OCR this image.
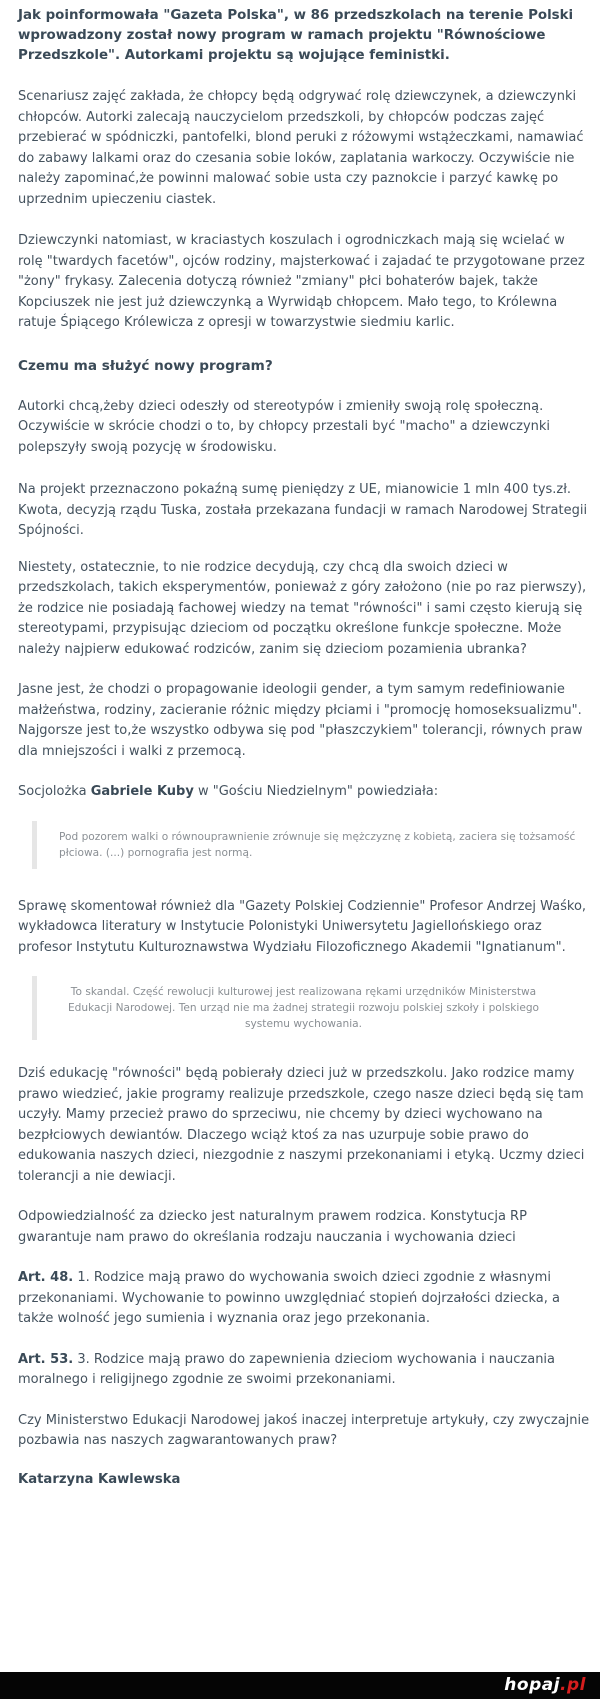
Jak poinformowała "Gazeta Polska", w 86 przedszkolach na terenie Polski wprowadzony został nowy program w ramach projektu "Równościowe Przedszkole". Autorkami projektu są wojujące feministki.

Scenariusz zajęć zakłada, że chłopcy będą odgrywać rolę dziewczynek, a dziewczynki chłopców. Autorki zalecają nauczycielom przedszkoli, by chłopców podczas zajęć przebierać w spódniczki, pantofelki, blond peruki z różowymi wstążeczkami, namawiać do zabawy lalkami oraz do czesania sobie loków, zaplatania warkoczy. Oczywiście nie należy zapominać,że powinni malować sobie usta czy paznokcie i parzyć kawkę po uprzednim upieczeniu ciastek.

Dziewczynki natomiast, w kraciastych koszulach i ogrodniczkach mają się wcielać w rolę "twardych facetów", ojców rodziny, majsterkować i zajadać te przygotowane przez "żony" frykasy. Zalecenia dotyczą również "zmiany" płci bohaterów bajek, także Kopciuszek nie jest już dziewczynką a Wyrwidąb chłopcem. Mało tego, to Królewna ratuje Śpiącego Królewicza z opresji w towarzystwie siedmiu karlic.

Czemu ma służyć nowy program?

Autorki chcą,żeby dzieci odeszły od stereotypów i zmieniły swoją rolę społeczną. Oczywiście w skrócie chodzi o to, by chłopcy przestali być "macho" a dziewczynki polepszyły swoją pozycję w środowisku.

Na projekt przeznaczono pokaźną sumę pieniędzy z UE, mianowicie 1 mln 400 tys.zł. Kwota, decyzją rządu Tuska, została przekazana fundacji w ramach Narodowej Strategii Spójności.

Niestety, ostatecznie, to nie rodzice decydują, czy chcą dla swoich dzieci w przedszkolach, takich eksperymentów, ponieważ z góry założono (nie po raz pierwszy), że rodzice nie posiadają fachowej wiedzy na temat "równości" i sami często kierują się stereotypami, przypisując dzieciom od początku określone funkcje społeczne. Może należy najpierw edukować rodziców, zanim się dzieciom pozamienia ubranka?

Jasne jest, że chodzi o propagowanie ideologii gender, a tym samym redefiniowanie małżeństwa, rodziny, zacieranie różnic między płciami i "promocję homoseksualizmu". Najgorsze jest to,że wszystko odbywa się pod "płaszczykiem" tolerancji, równych praw dla mniejszości i walki z przemocą.

Socjolożka Gabriele Kuby w "Gościu Niedzielnym" powiedziała:

Pod pozorem walki o równouprawnienie zrównuje się mężczyznę z kobietą, zaciera się tożsamość płciowa. (...) pornografia jest normą.

Sprawę skomentował również dla "Gazety Polskiej Codziennie" Profesor Andrzej Waśko, wykładowca literatury w Instytucie Polonistyki Uniwersytetu Jagiellońskiego oraz profesor Instytutu Kulturoznawstwa Wydziału Filozoficznego Akademii "Ignatianum".

To skandal. Część rewolucji kulturowej jest realizowana rękami urzędników Ministerstwa Edukacji Narodowej. Ten urząd nie ma żadnej strategii rozwoju polskiej szkoły i polskiego systemu wychowania.

Dziś edukację "równości" będą pobierały dzieci już w przedszkolu. Jako rodzice mamy prawo wiedzieć, jakie programy realizuje przedszkole, czego nasze dzieci będą się tam uczyły. Mamy przecież prawo do sprzeciwu, nie chcemy by dzieci wychowano na bezpłciowych dewiantów. Dlaczego wciąż ktoś za nas uzurpuje sobie prawo do edukowania naszych dzieci, niezgodnie z naszymi przekonaniami i etyką. Uczmy dzieci tolerancji a nie dewiacji.

Odpowiedzialność za dziecko jest naturalnym prawem rodzica. Konstytucja RP gwarantuje nam prawo do określania rodzaju nauczania i wychowania dzieci

Art. 48. 1. Rodzice mają prawo do wychowania swoich dzieci zgodnie z własnymi przekonaniami. Wychowanie to powinno uwzględniać stopień dojrzałości dziecka, a także wolność jego sumienia i wyznania oraz jego przekonania.

Art. 53. 3. Rodzice mają prawo do zapewnienia dzieciom wychowania i nauczania moralnego i religijnego zgodnie ze swoimi przekonaniami.

Czy Ministerstwo Edukacji Narodowej jakoś inaczej interpretuje artykuły, czy zwyczajnie pozbawia nas naszych zagwarantowanych praw?

Katarzyna Kawlewska

hopaj.pl
